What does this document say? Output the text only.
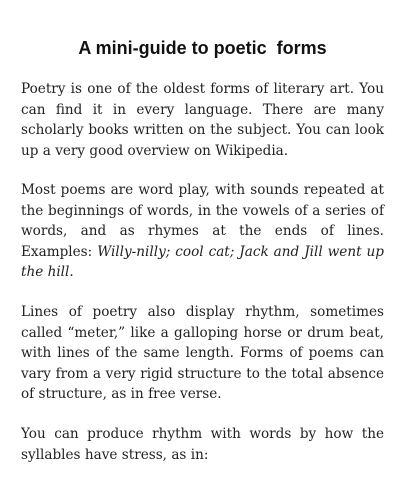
A mini-guide to poetic  forms

Poetry is one of the oldest forms of literary art. You can find it in every language. There are many scholarly books written on the subject. You can look up a very good overview on Wikipedia.

Most poems are word play, with sounds repeated at the beginnings of words, in the vowels of a series of words, and as rhymes at the ends of lines. Examples: Willy-nilly; cool cat; Jack and Jill went up the hill.

Lines of poetry also display rhythm, sometimes called “meter,” like a galloping horse or drum beat, with lines of the same length. Forms of poems can vary from a very rigid structure to the total absence of structure, as in free verse.

You can produce rhythm with words by how the syllables have stress, as in:
